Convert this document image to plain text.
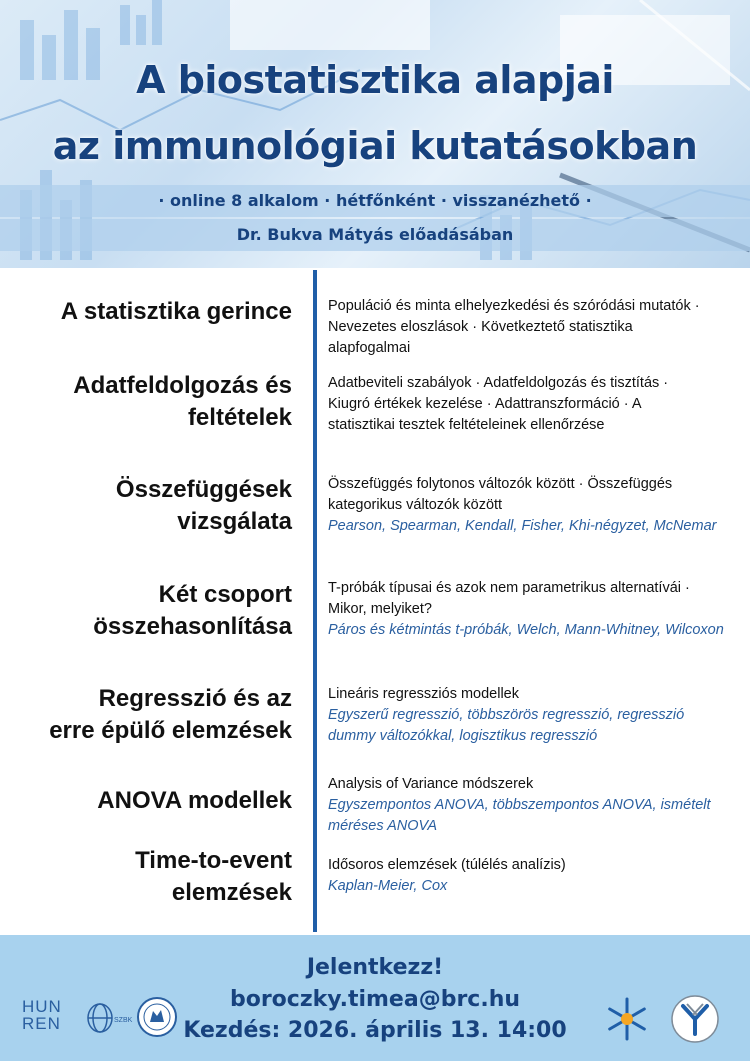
A biostatisztika alapjai
az immunológiai kutatásokban
· online 8 alkalom · hétfőnként · visszanézhető ·
Dr. Bukva Mátyás előadásában
A statisztika gerince Populáció és minta elhelyezkedési és szóródási mutatók ·
Nevezetes eloszlások · Következtető statisztika
alapfogalmai
Adatfeldolgozás és
feltételek
Adatbeviteli szabályok · Adatfeldolgozás és tisztítás ·
Kiugró értékek kezelése · Adattranszformáció · A
statisztikai tesztek feltételeinek ellenőrzése
Összefüggések
vizsgálata
Összefüggés folytonos változók között · Összefüggés
kategorikus változók között
Pearson, Spearman, Kendall, Fisher, Khi-négyzet, McNemar
Két csoport
összehasonlítása
T-próbák típusai és azok nem parametrikus alternatívái ·
Mikor, melyiket?
Páros és kétmintás t-próbák, Welch, Mann-Whitney, Wilcoxon
Regresszió és az
erre épülő elemzések
Lineáris regressziós modellek
Egyszerű regresszió, többszörös regresszió, regresszió
dummy változókkal, logisztikus regresszió
ANOVA modellek
Analysis of Variance módszerek
Egyszempontos ANOVA, többszempontos ANOVA, ismételt
méréses ANOVA
Time-to-event
elemzések
Idősoros elemzések (túlélés analízis)
Kaplan-Meier, Cox
Jelentkezz!
boroczky.timea@brc.hu
Kezdés: 2026. április 13. 14:00
HUN
REN	SZBK
